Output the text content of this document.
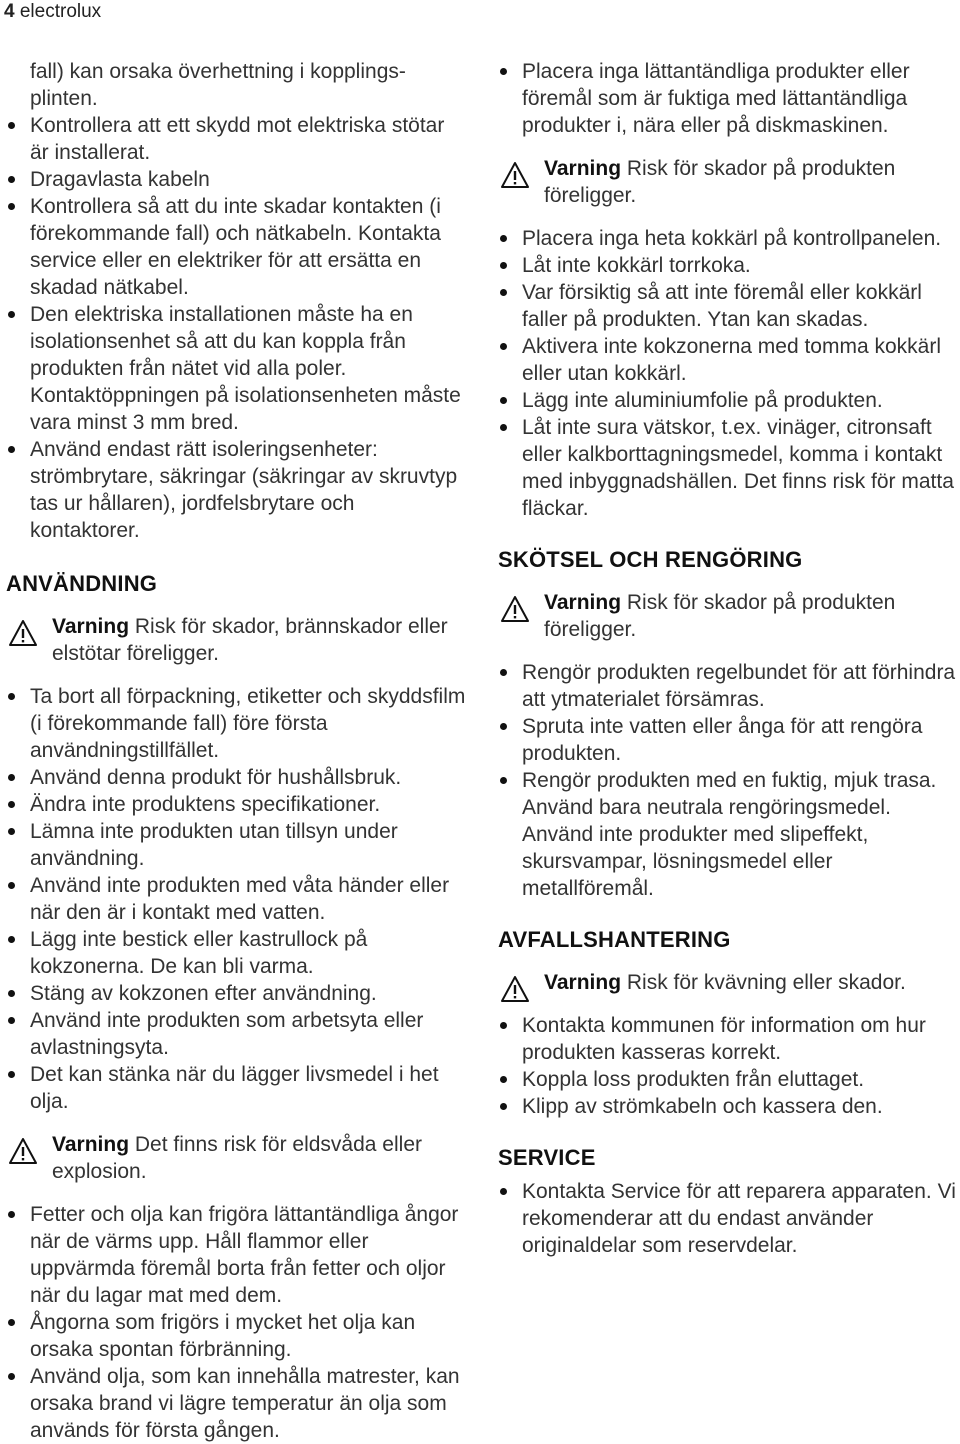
4 electrolux
fall) kan orsaka överhettning i kopplings-plinten.
Kontrollera att ett skydd mot elektriska stötar är installerat.
Dragavlasta kabeln
Kontrollera så att du inte skadar kontakten (i förekommande fall) och nätkabeln. Kontakta service eller en elektriker för att ersätta en skadad nätkabel.
Den elektriska installationen måste ha en isolationsenhet så att du kan koppla från produkten från nätet vid alla poler. Kontaktöppningen på isolationsenheten måste vara minst 3 mm bred.
Använd endast rätt isoleringsenheter: strömbrytare, säkringar (säkringar av skruvtyp tas ur hållaren), jordfelsbrytare och kontaktorer.
ANVÄNDNING
Varning Risk för skador, brännskador eller elstötar föreligger.
Ta bort all förpackning, etiketter och skyddsfilm (i förekommande fall) före första användningstillfället.
Använd denna produkt för hushållsbruk.
Ändra inte produktens specifikationer.
Lämna inte produkten utan tillsyn under användning.
Använd inte produkten med våta händer eller när den är i kontakt med vatten.
Lägg inte bestick eller kastrullock på kokzonerna. De kan bli varma.
Stäng av kokzonen efter användning.
Använd inte produkten som arbetsyta eller avlastningsyta.
Det kan stänka när du lägger livsmedel i het olja.
Varning Det finns risk för eldsvåda eller explosion.
Fetter och olja kan frigöra lättantändliga ångor när de värms upp. Håll flammor eller uppvärmda föremål borta från fetter och oljor när du lagar mat med dem.
Ångorna som frigörs i mycket het olja kan orsaka spontan förbränning.
Använd olja, som kan innehålla matrester, kan orsaka brand vi lägre temperatur än olja som används för första gången.
Placera inga lättantändliga produkter eller föremål som är fuktiga med lättantändliga produkter i, nära eller på diskmaskinen.
Varning Risk för skador på produkten föreligger.
Placera inga heta kokkärl på kontrollpanelen.
Låt inte kokkärl torrkoka.
Var försiktig så att inte föremål eller kokkärl faller på produkten. Ytan kan skadas.
Aktivera inte kokzonerna med tomma kokkärl eller utan kokkärl.
Lägg inte aluminiumfolie på produkten.
Låt inte sura vätskor, t.ex. vinäger, citronsaft eller kalkborttagningsmedel, komma i kontakt med inbyggnadshällen. Det finns risk för matta fläckar.
SKÖTSEL OCH RENGÖRING
Varning Risk för skador på produkten föreligger.
Rengör produkten regelbundet för att förhindra att ytmaterialet försämras.
Spruta inte vatten eller ånga för att rengöra produkten.
Rengör produkten med en fuktig, mjuk trasa. Använd bara neutrala rengöringsmedel. Använd inte produkter med slipeffekt, skursvampar, lösningsmedel eller metallföremål.
AVFALLSHANTERING
Varning Risk för kvävning eller skador.
Kontakta kommunen för information om hur produkten kasseras korrekt.
Koppla loss produkten från eluttaget.
Klipp av strömkabeln och kassera den.
SERVICE
Kontakta Service för att reparera apparaten. Vi rekomenderar att du endast använder originaldelar som reservdelar.
